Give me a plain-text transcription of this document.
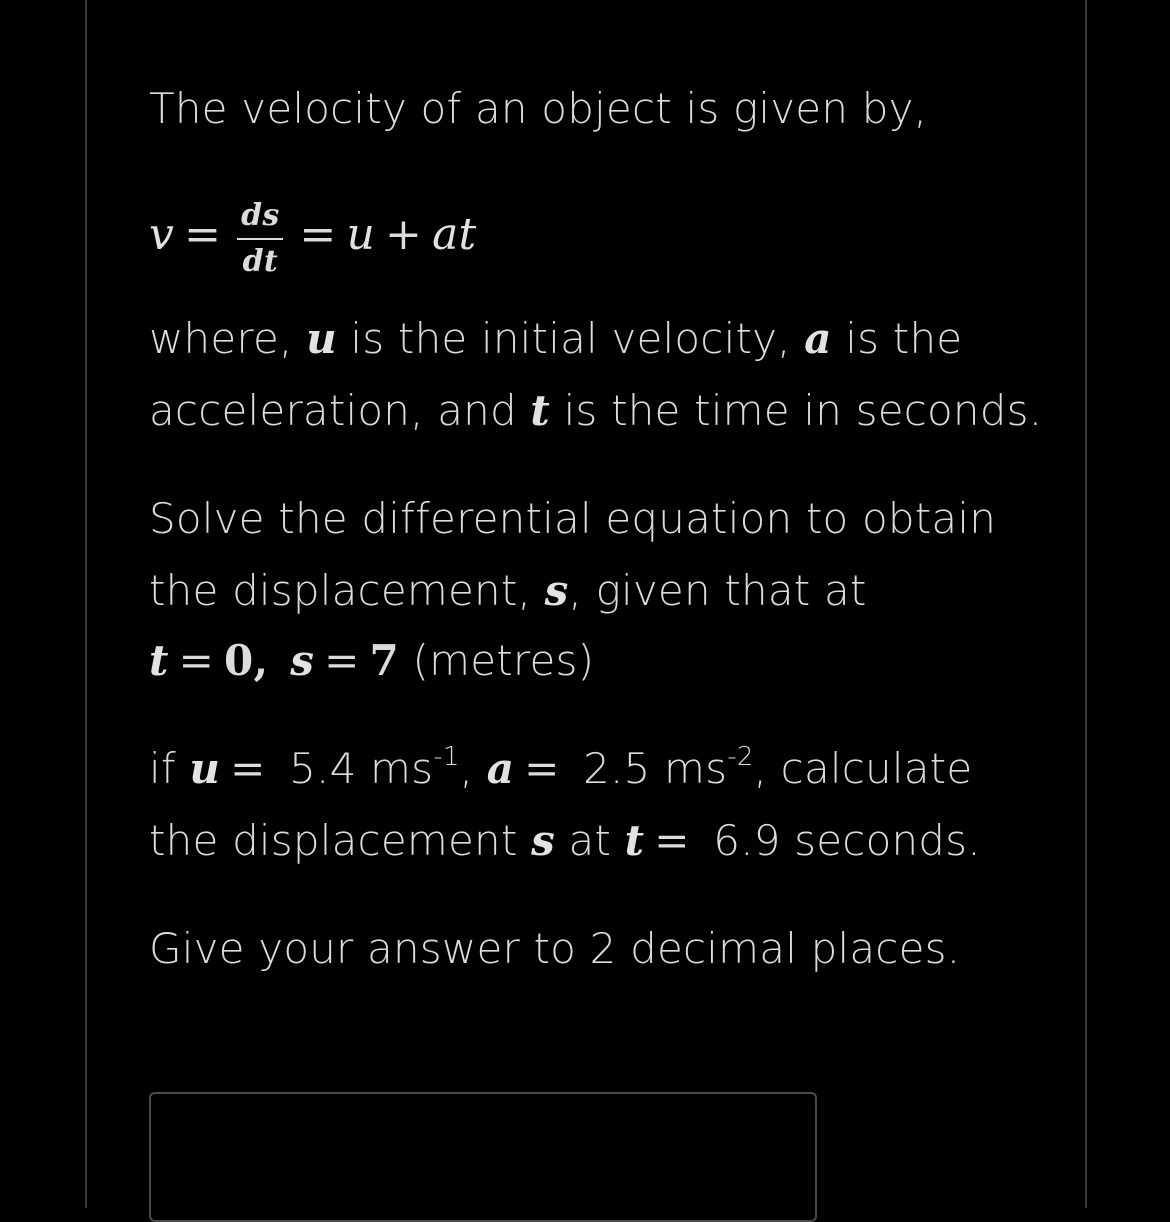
The velocity of an object is given by,
$v = \frac{ds}{dt} = u$ + at
where, u is the initial velocity, a is the
acceleration, and t is the time in seconds.
Solve the differential equation to obtain
the displacement, s, given that at
t = 0, s = 7 (metres)
if u = 5.4 $ms^{-1}$, a = 2.5 $ms^{-2}$, calculate
the displacement s at t = 6.9 seconds.
Give your answer to 2 decimal places.
